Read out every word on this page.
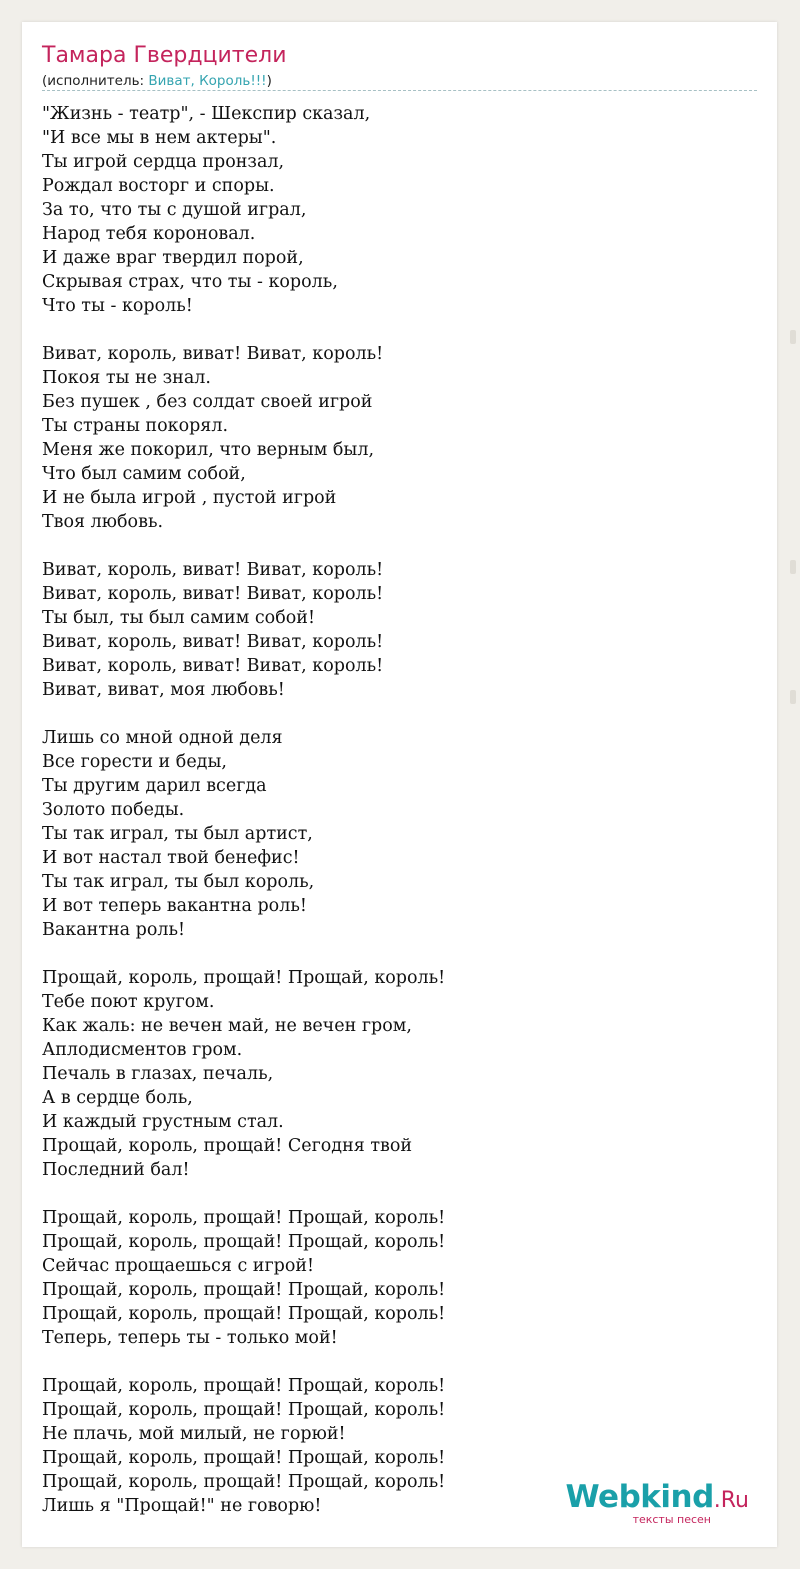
Тамара Гвердцители
(исполнитель: Виват, Король!!!)
"Жизнь - театр", - Шекспир сказал,
"И все мы в нем актеры".
Ты игрой сердца пронзал,
Рождал восторг и споры.
За то, что ты с душой играл,
Народ тебя короновал.
И даже враг твердил порой,
Скрывая страх, что ты - король,
Что ты - король!
Виват, король, виват! Виват, король!
Покоя ты не знал.
Без пушек , без солдат своей игрой
Ты страны покорял.
Меня же покорил, что верным был,
Что был самим собой,
И не была игрой , пустой игрой
Твоя любовь.
Виват, король, виват! Виват, король!
Виват, король, виват! Виват, король!
Ты был, ты был самим собой!
Виват, король, виват! Виват, король!
Виват, король, виват! Виват, король!
Виват, виват, моя любовь!
Лишь со мной одной деля
Все горести и беды,
Ты другим дарил всегда
Золото победы.
Ты так играл, ты был артист,
И вот настал твой бенефис!
Ты так играл, ты был король,
И вот теперь вакантна роль!
Вакантна роль!
Прощай, король, прощай! Прощай, король!
Тебе поют кругом.
Как жаль: не вечен май, не вечен гром,
Аплодисментов гром.
Печаль в глазах, печаль,
А в сердце боль,
И каждый грустным стал.
Прощай, король, прощай! Сегодня твой
Последний бал!
Прощай, король, прощай! Прощай, король!
Прощай, король, прощай! Прощай, король!
Сейчас прощаешься с игрой!
Прощай, король, прощай! Прощай, король!
Прощай, король, прощай! Прощай, король!
Теперь, теперь ты - только мой!
Прощай, король, прощай! Прощай, король!
Прощай, король, прощай! Прощай, король!
Не плачь, мой милый, не горюй!
Прощай, король, прощай! Прощай, король!
Прощай, король, прощай! Прощай, король!
Лишь я "Прощай!" не говорю!	Webkind.Ru
тексты песен
